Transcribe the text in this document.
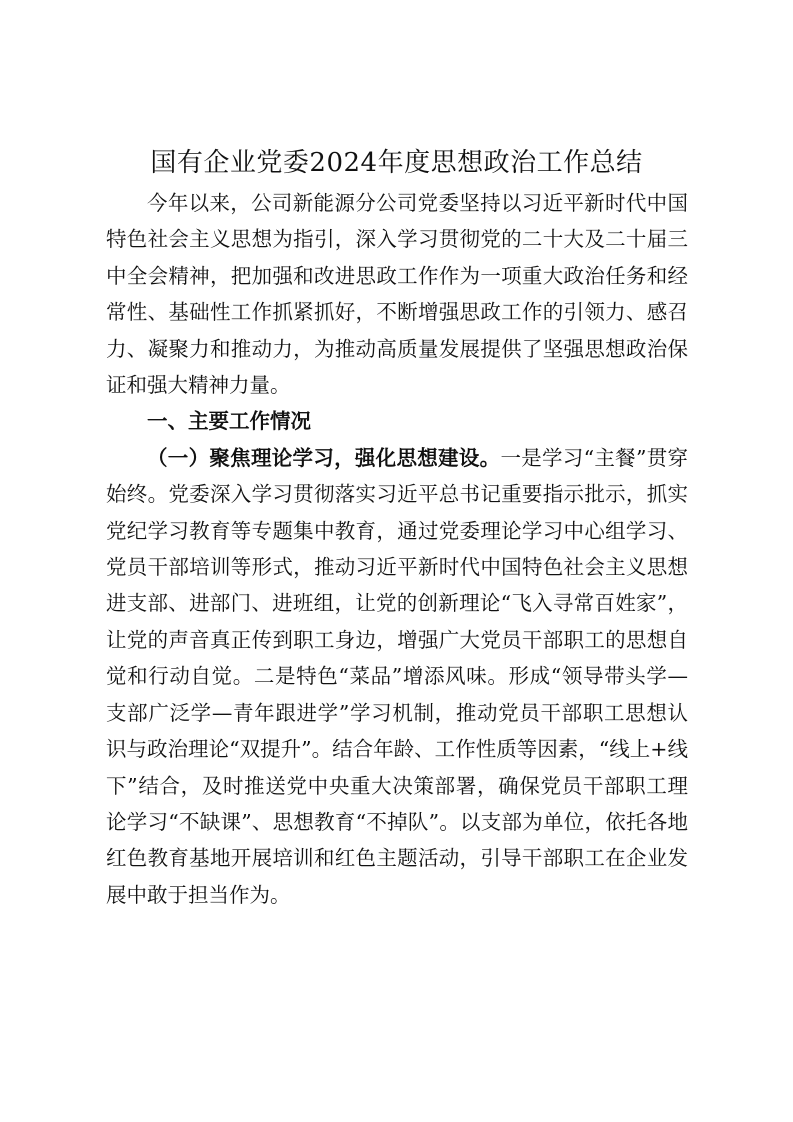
国有企业党委2024年度思想政治工作总结

今年以来，公司新能源分公司党委坚持以习近平新时代中国特色社会主义思想为指引，深入学习贯彻党的二十大及二十届三中全会精神，把加强和改进思政工作作为一项重大政治任务和经常性、基础性工作抓紧抓好，不断增强思政工作的引领力、感召力、凝聚力和推动力，为推动高质量发展提供了坚强思想政治保证和强大精神力量。

一、主要工作情况

（一）聚焦理论学习，强化思想建设。一是学习“主餐”贯穿始终。党委深入学习贯彻落实习近平总书记重要指示批示，抓实党纪学习教育等专题集中教育，通过党委理论学习中心组学习、党员干部培训等形式，推动习近平新时代中国特色社会主义思想进支部、进部门、进班组，让党的创新理论“飞入寻常百姓家”，让党的声音真正传到职工身边，增强广大党员干部职工的思想自觉和行动自觉。二是特色“菜品”增添风味。形成“领导带头学—支部广泛学—青年跟进学”学习机制，推动党员干部职工思想认识与政治理论“双提升”。结合年龄、工作性质等因素，“线上+线下”结合，及时推送党中央重大决策部署，确保党员干部职工理论学习“不缺课”、思想教育“不掉队”。以支部为单位，依托各地红色教育基地开展培训和红色主题活动，引导干部职工在企业发展中敢于担当作为。
